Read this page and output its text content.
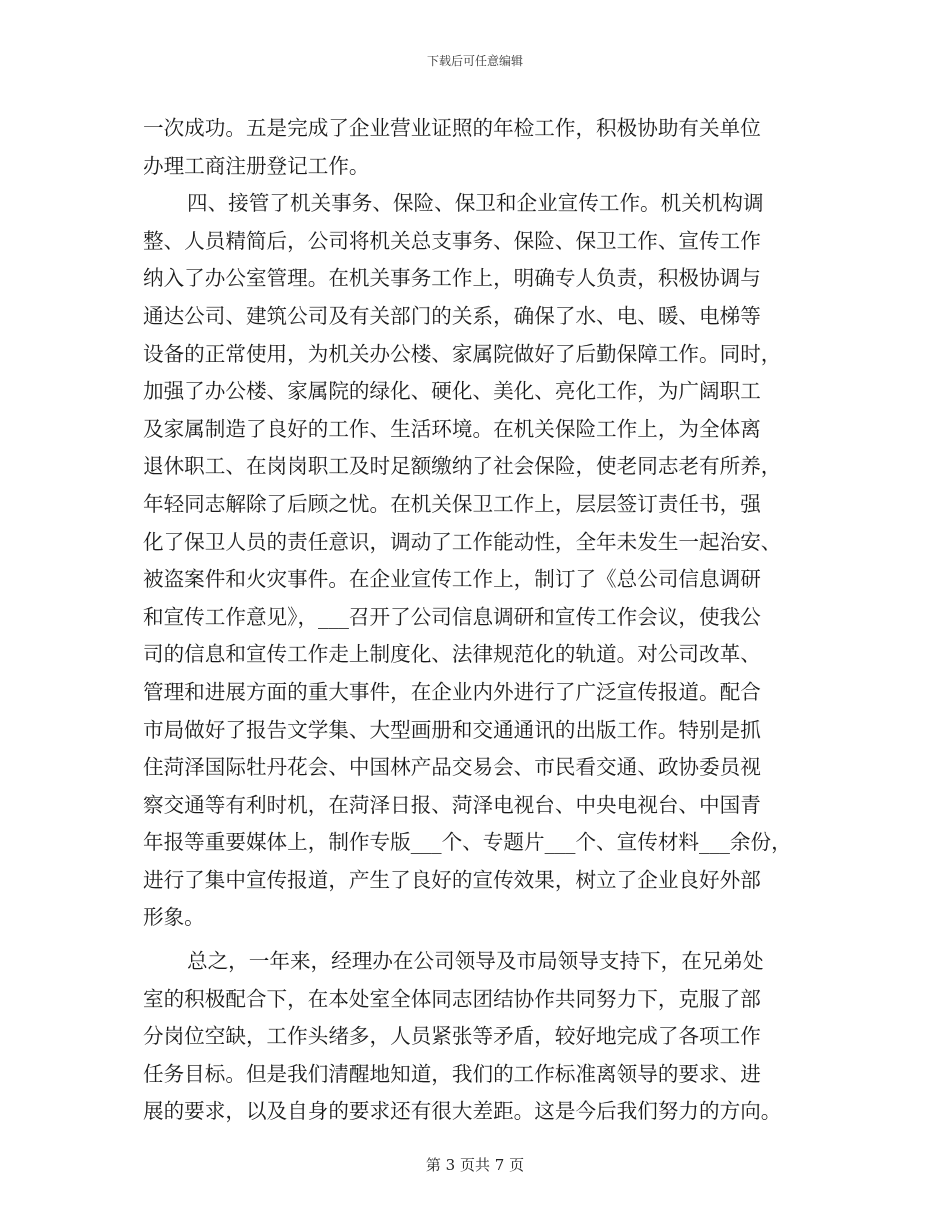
下载后可任意编辑
一次成功。五是完成了企业营业证照的年检工作，积极协助有关单位
办理工商注册登记工作。
四、接管了机关事务、保险、保卫和企业宣传工作。机关机构调
整、人员精简后，公司将机关总支事务、保险、保卫工作、宣传工作
纳入了办公室管理。在机关事务工作上，明确专人负责，积极协调与
通达公司、建筑公司及有关部门的关系，确保了水、电、暖、电梯等
设备的正常使用，为机关办公楼、家属院做好了后勤保障工作。同时，
加强了办公楼、家属院的绿化、硬化、美化、亮化工作，为广阔职工
及家属制造了良好的工作、生活环境。在机关保险工作上，为全体离
退休职工、在岗岗职工及时足额缴纳了社会保险，使老同志老有所养，
年轻同志解除了后顾之忧。在机关保卫工作上，层层签订责任书，强
化了保卫人员的责任意识，调动了工作能动性，全年未发生一起治安、
被盗案件和火灾事件。在企业宣传工作上，制订了《总公司信息调研
和宣传工作意见》，___召开了公司信息调研和宣传工作会议，使我公
司的信息和宣传工作走上制度化、法律规范化的轨道。对公司改革、
管理和进展方面的重大事件，在企业内外进行了广泛宣传报道。配合
市局做好了报告文学集、大型画册和交通通讯的出版工作。特别是抓
住菏泽国际牡丹花会、中国林产品交易会、市民看交通、政协委员视
察交通等有利时机，在菏泽日报、菏泽电视台、中央电视台、中国青
年报等重要媒体上，制作专版___个、专题片___个、宣传材料___余份，
进行了集中宣传报道，产生了良好的宣传效果，树立了企业良好外部
形象。
总之，一年来，经理办在公司领导及市局领导支持下，在兄弟处
室的积极配合下，在本处室全体同志团结协作共同努力下，克服了部
分岗位空缺，工作头绪多，人员紧张等矛盾，较好地完成了各项工作
任务目标。但是我们清醒地知道，我们的工作标准离领导的要求、进
展的要求，以及自身的要求还有很大差距。这是今后我们努力的方向。
第 3 页共 7 页
